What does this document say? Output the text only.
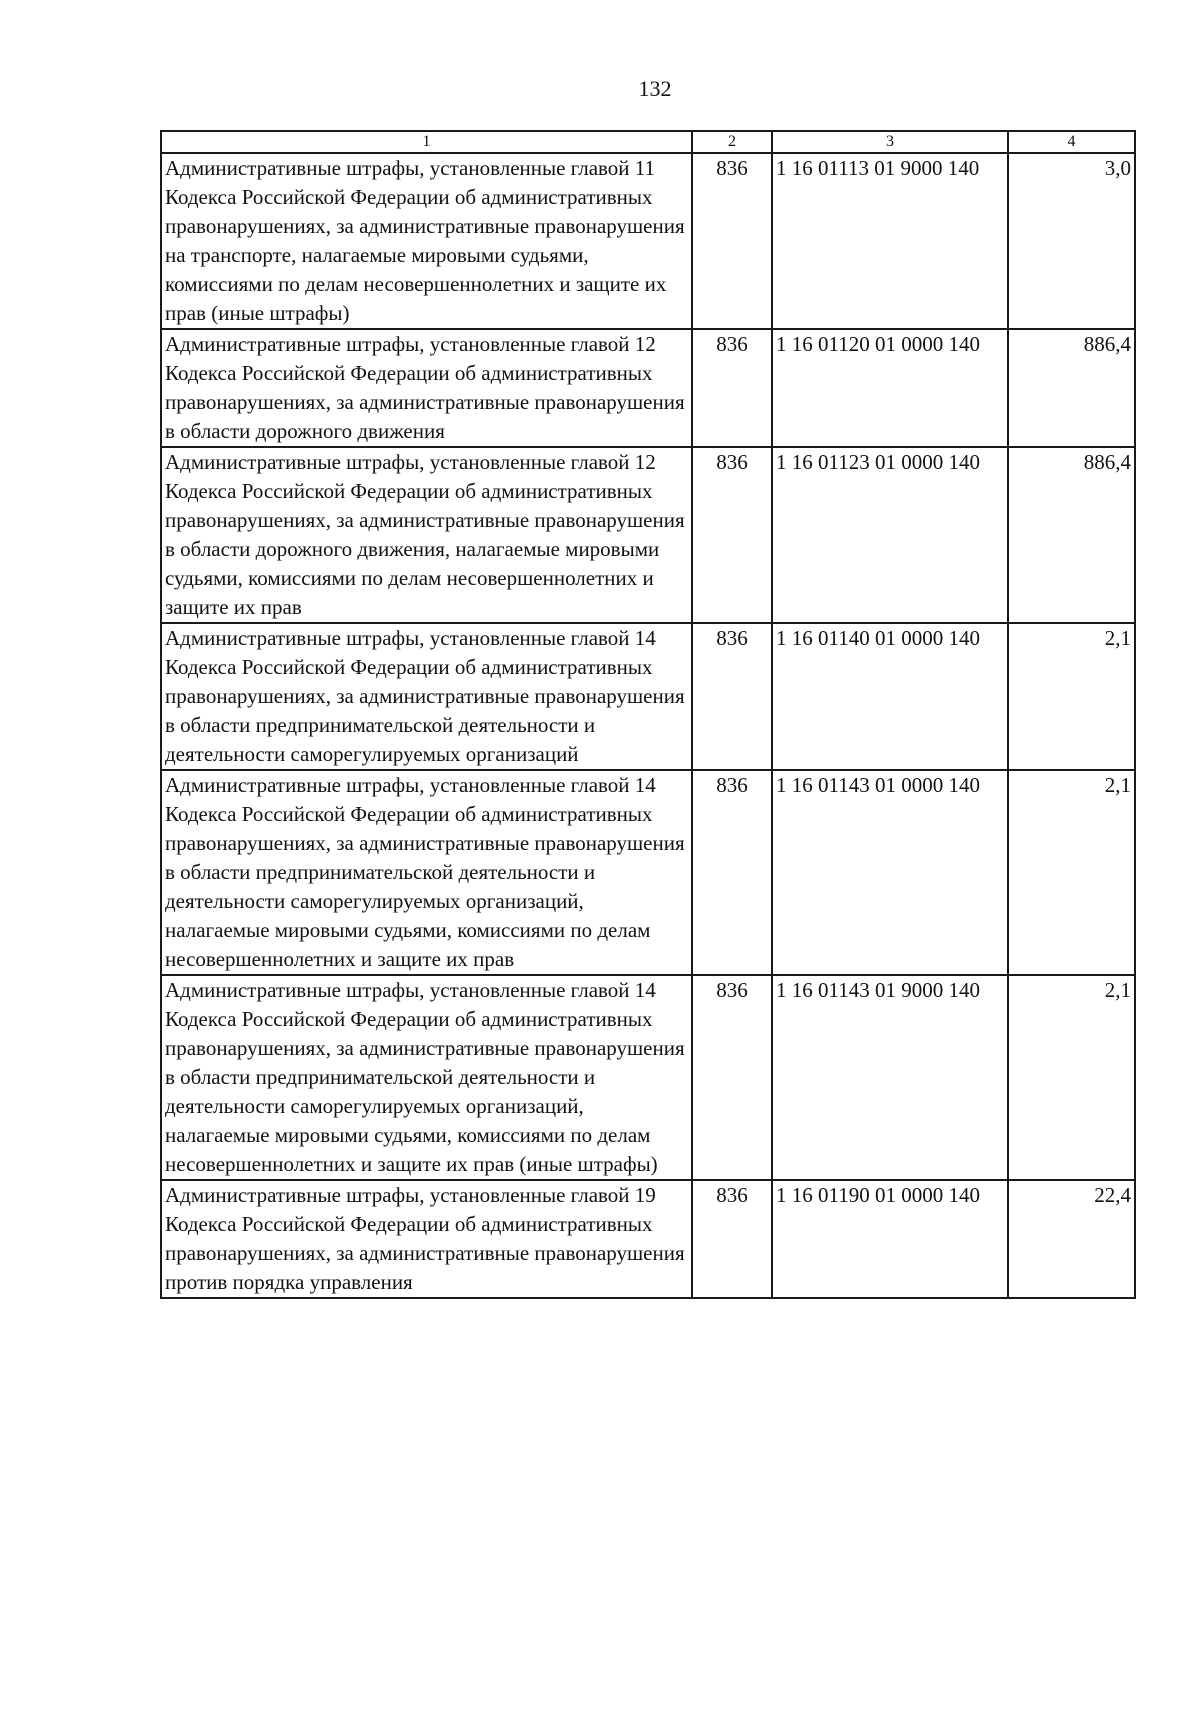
132
1	2	3	4
Административные штрафы, установленные главой 11 Кодекса Российской Федерации об административных правонарушениях, за административные правонарушения на транспорте, налагаемые мировыми судьями, комиссиями по делам несовершеннолетних и защите их прав (иные штрафы)	836	1 16 01113 01 9000 140	3,0
Административные штрафы, установленные главой 12 Кодекса Российской Федерации об административных правонарушениях, за административные правонарушения в области дорожного движения	836	1 16 01120 01 0000 140	886,4
Административные штрафы, установленные главой 12 Кодекса Российской Федерации об административных правонарушениях, за административные правонарушения в области дорожного движения, налагаемые мировыми судьями, комиссиями по делам несовершеннолетних и защите их прав	836	1 16 01123 01 0000 140	886,4
Административные штрафы, установленные главой 14 Кодекса Российской Федерации об административных правонарушениях, за административные правонарушения в области предпринимательской деятельности и деятельности саморегулируемых организаций	836	1 16 01140 01 0000 140	2,1
Административные штрафы, установленные главой 14 Кодекса Российской Федерации об административных правонарушениях, за административные правонарушения в области предпринимательской деятельности и деятельности саморегулируемых организаций, налагаемые мировыми судьями, комиссиями по делам несовершеннолетних и защите их прав	836	1 16 01143 01 0000 140	2,1
Административные штрафы, установленные главой 14 Кодекса Российской Федерации об административных правонарушениях, за административные правонарушения в области предпринимательской деятельности и деятельности саморегулируемых организаций, налагаемые мировыми судьями, комиссиями по делам несовершеннолетних и защите их прав (иные штрафы)	836	1 16 01143 01 9000 140	2,1
Административные штрафы, установленные главой 19 Кодекса Российской Федерации об административных правонарушениях, за административные правонарушения против порядка управления	836	1 16 01190 01 0000 140	22,4
